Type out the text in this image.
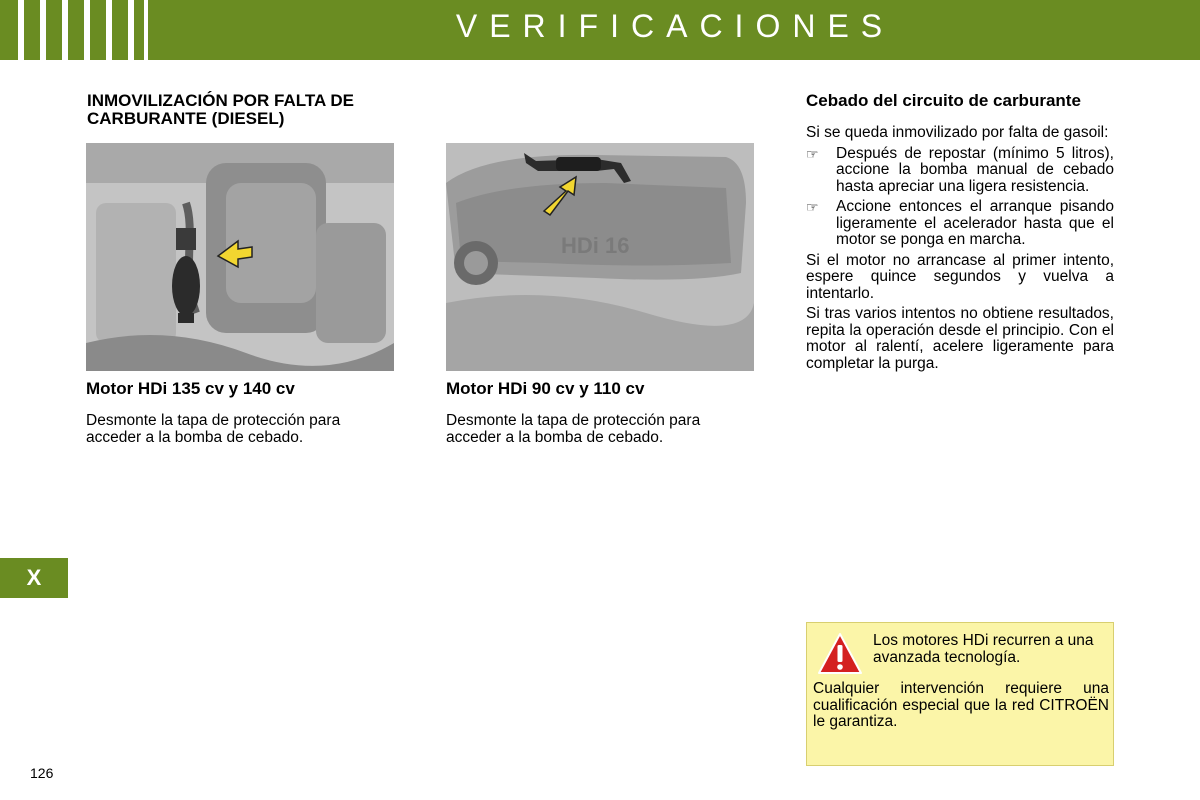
VERIFICACIONES
INMOVILIZACIÓN POR FALTA DE CARBURANTE (DIESEL)
HDi 16
Motor HDi 135 cv y 140 cv
Desmonte la tapa de protección para acceder a la bomba de cebado.
Motor HDi 90 cv y 110 cv
Desmonte la tapa de protección para acceder a la bomba de cebado.
Cebado del circuito de carburante

Si se queda inmovilizado por falta de gasoil:

☞	Después de repostar (mínimo 5 litros), accione la bomba manual de cebado hasta apreciar una ligera resistencia.
☞	Accione entonces el arranque pisando ligeramente el acelerador hasta que el motor se ponga en marcha.

Si el motor no arrancase al primer intento, espere quince segundos y vuelva a intentarlo.

Si tras varios intentos no obtiene resultados, repita la operación desde el principio. Con el motor al ralentí, acelere ligeramente para completar la purga.

X
Los motores HDi recurren a una avanzada tecnología.
Cualquier intervención requiere una cualificación especial que la red CITROËN le garantiza.
126
